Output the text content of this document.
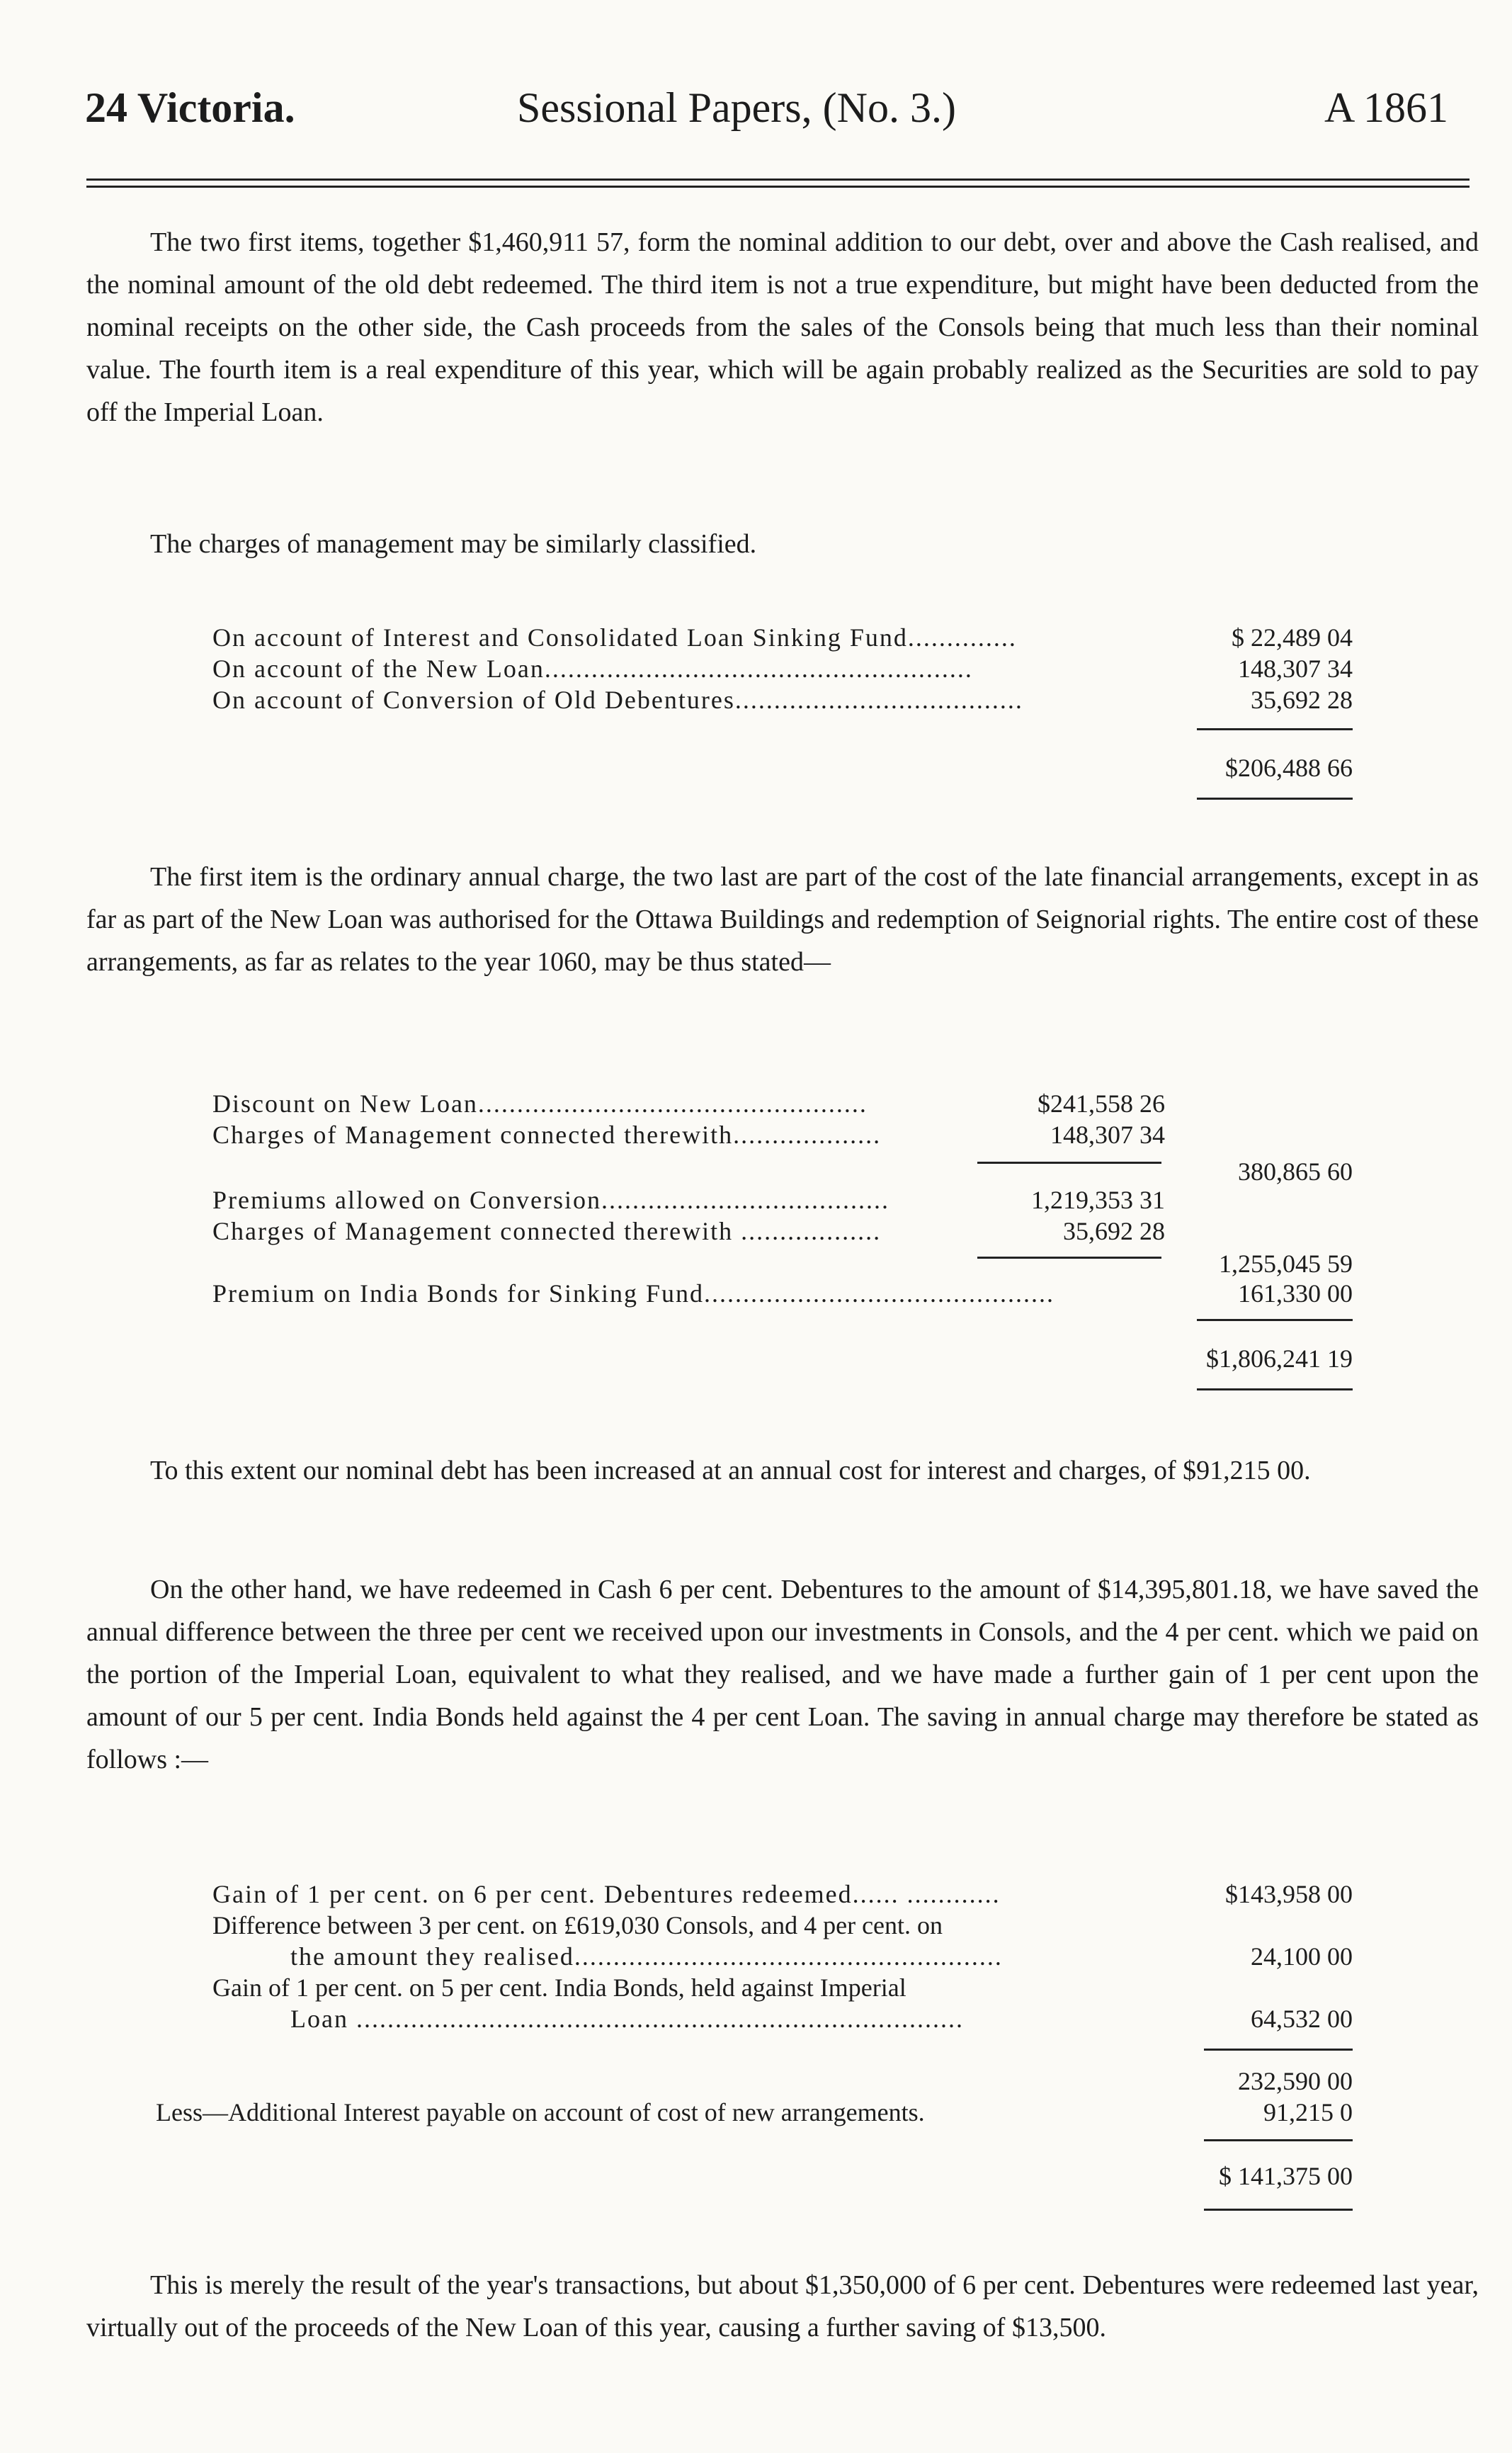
24 Victoria.	Sessional Papers, (No. 3.)	A 1861

The two first items, together $1,460,911 57, form the nominal addition to our debt, over and above the Cash realised, and the nominal amount of the old debt redeemed. The third item is not a true expenditure, but might have been deducted from the nominal receipts on the other side, the Cash proceeds from the sales of the Consols being that much less than their nominal value. The fourth item is a real expenditure of this year, which will be again probably realized as the Securities are sold to pay off the Imperial Loan.

The charges of management may be similarly classified.

On account of Interest and Consolidated Loan Sinking Fund..............	$ 22,489 04
On account of the New Loan.......................................................	148,307 34
On account of Conversion of Old Debentures.....................................	35,692 28
$206,488 66

The first item is the ordinary annual charge, the two last are part of the cost of the late financial arrangements, except in as far as part of the New Loan was authorised for the Ottawa Buildings and redemption of Seignorial rights. The entire cost of these arrangements, as far as relates to the year 1060, may be thus stated—

Discount on New Loan..................................................	$241,558 26
Charges of Management connected therewith...................	148,307 34
380,865 60
Premiums allowed on Conversion.....................................	1,219,353 31
Charges of Management connected therewith ..................	35,692 28
1,255,045 59
Premium on India Bonds for Sinking Fund.............................................	161,330 00
$1,806,241 19

To this extent our nominal debt has been increased at an annual cost for interest and charges, of $91,215 00.

On the other hand, we have redeemed in Cash 6 per cent. Debentures to the amount of $14,395,801.18, we have saved the annual difference between the three per cent we received upon our investments in Consols, and the 4 per cent. which we paid on the portion of the Imperial Loan, equivalent to what they realised, and we have made a further gain of 1 per cent upon the amount of our 5 per cent. India Bonds held against the 4 per cent Loan. The saving in annual charge may therefore be stated as follows :—

Gain of 1 per cent. on 6 per cent. Debentures redeemed...... ............	$143,958 00
Difference between 3 per cent. on £619,030 Consols, and 4 per cent. on
the amount they realised.......................................................	24,100 00
Gain of 1 per cent. on 5 per cent. India Bonds, held against Imperial
Loan ..............................................................................	64,532 00
232,590 00
Less—Additional Interest payable on account of cost of new arrangements.	91,215 0
$ 141,375 00

This is merely the result of the year's transactions, but about $1,350,000 of 6 per cent. Debentures were redeemed last year, virtually out of the proceeds of the New Loan of this year, causing a further saving of $13,500.
